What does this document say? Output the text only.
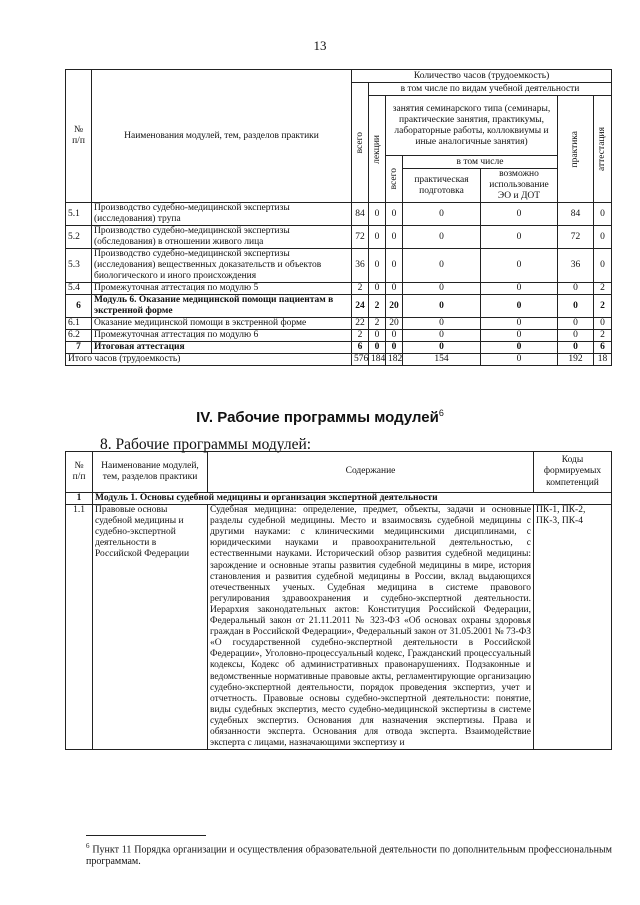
13
№
п/п	Наименования модулей, тем, разделов практики	Количество часов (трудоемкость)						

		всего	в том числе по видам учебной деятельности					

			лекции	занятия семинарского типа (семинары, практические занятия, практикумы, лабораторные работы, коллоквиумы и иные аналогичные занятия)			практика	аттестация

				всего	в том числе			
					практическая подготовка	возможно использование ЭО и ДОТ		
5.1	Производство судебно-медицинской экспертизы (исследования) трупа	84	0	0	0	0	84	0
5.2	Производство судебно-медицинской экспертизы (обследования) в отношении живого лица	72	0	0	0	0	72	0
5.3	Производство судебно-медицинской экспертизы (исследования) вещественных доказательств и объектов биологического и иного происхождения	36	0	0	0	0	36	0
5.4	Промежуточная аттестация по модулю 5	2	0	0	0	0	0	2
6	Модуль 6. Оказание медицинской помощи пациентам в экстренной форме	24	2	20	0	0	0	2
6.1	Оказание медицинской помощи в экстренной форме	22	2	20	0	0	0	0
6.2	Промежуточная аттестация по модулю 6	2	0	0	0	0	0	2
7	Итоговая аттестация	6	0	0	0	0	0	6
Итого часов (трудоемкость)		576	184	182	154	0	192	18
IV. Рабочие программы модулей$^6$
8. Рабочие программы модулей:
№
п/п	Наименование модулей, тем, разделов практики	Содержание	Коды формируемых компетенций
1	Модуль 1. Основы судебной медицины и организация экспертной деятельности		
1.1	Правовые основы судебной медицины и судебно-экспертной деятельности в Российской Федерации	Судебная медицина: определение, предмет, объекты, задачи и основные разделы судебной медицины. Место и взаимосвязь судебной медицины с другими науками: с клиническими медицинскими дисциплинами, с юридическими науками и правоохранительной деятельностью, с естественными науками. Исторический обзор развития судебной медицины: зарождение и основные этапы развития судебной медицины в мире, история становления и развития судебной медицины в России, вклад выдающихся отечественных ученых. Судебная медицина в системе правового регулирования здравоохранения и судебно-экспертной деятельности. Иерархия законодательных актов: Конституция Российской Федерации, Федеральный закон от 21.11.2011 № 323-ФЗ «Об основах охраны здоровья граждан в Российской Федерации», Федеральный закон от 31.05.2001 № 73-ФЗ «О государственной судебно-экспертной деятельности в Российской Федерации», Уголовно-процессуальный кодекс, Гражданский процессуальный кодексы, Кодекс об административных правонарушениях. Подзаконные и ведомственные нормативные правовые акты, регламентирующие организацию судебно-экспертной деятельности, порядок проведения экспертиз, учет и отчетность. Правовые основы судебно-экспертной деятельности: понятие, виды судебных экспертиз, место судебно-медицинской экспертизы в системе судебных экспертиз. Основания для назначения экспертизы. Права и обязанности эксперта. Основания для отвода эксперта. Взаимодействие эксперта с лицами, назначающими экспертизу и	ПК-1, ПК-2, ПК-3, ПК-4
$^6$ Пункт 11 Порядка организации и осуществления образовательной деятельности по дополнительным профессиональным программам.
